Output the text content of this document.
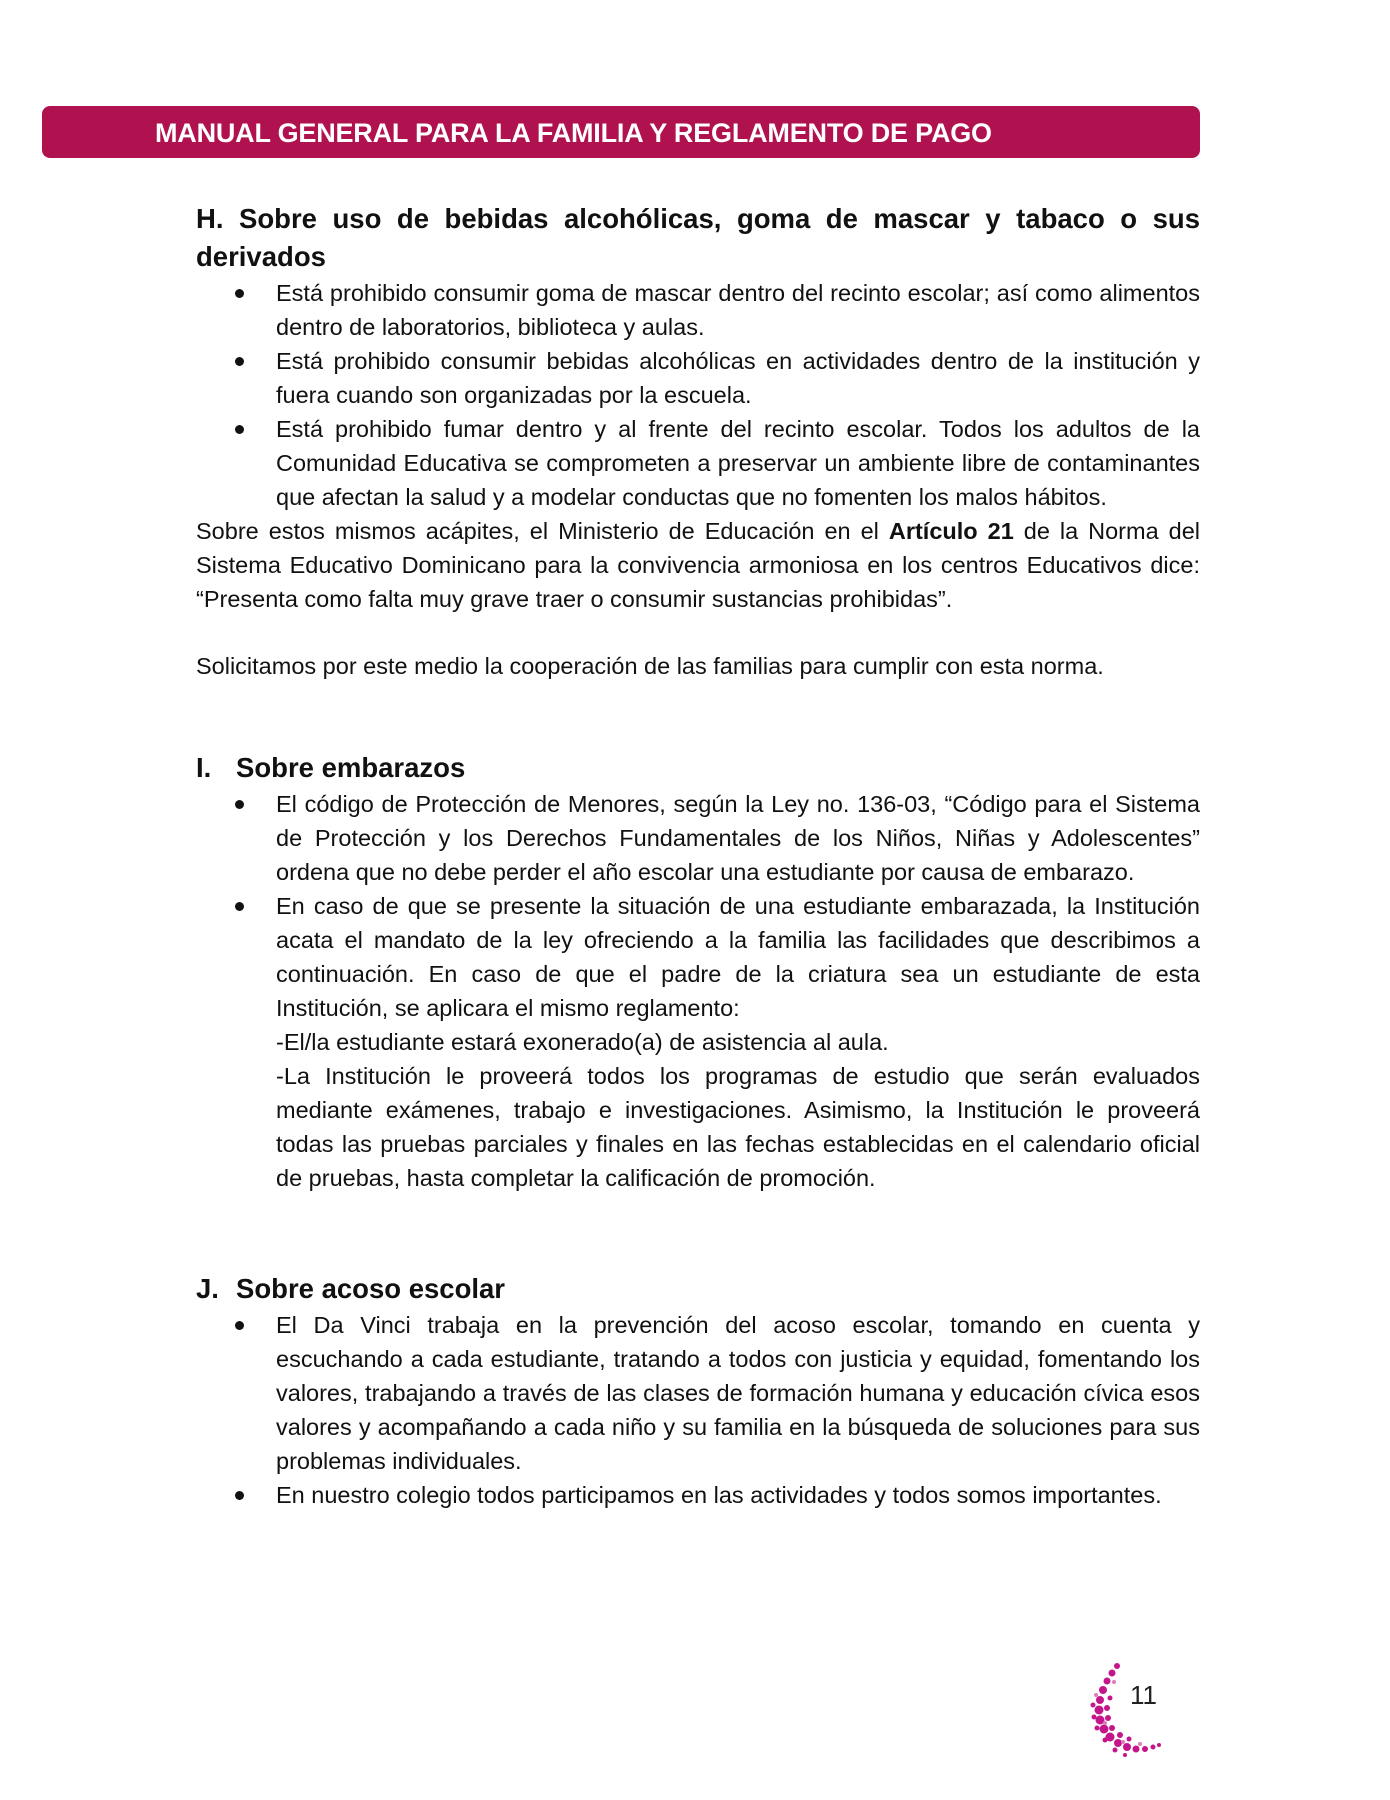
MANUAL GENERAL PARA LA FAMILIA Y REGLAMENTO DE PAGO
H. Sobre uso de bebidas alcohólicas, goma de mascar y tabaco o sus derivados
Está prohibido consumir goma de mascar dentro del recinto escolar; así como alimentos dentro de laboratorios, biblioteca y aulas.
Está prohibido consumir bebidas alcohólicas en actividades dentro de la institución y fuera cuando son organizadas por la escuela.
Está prohibido fumar dentro y al frente del recinto escolar. Todos los adultos de la Comunidad Educativa se comprometen a preservar un ambiente libre de contaminantes que afectan la salud y a modelar conductas que no fomenten los malos hábitos.

Sobre estos mismos acápites, el Ministerio de Educación en el Artículo 21 de la Norma del Sistema Educativo Dominicano para la convivencia armoniosa en los centros Educativos dice: “Presenta como falta muy grave traer o consumir sustancias prohibidas”.

Solicitamos por este medio la cooperación de las familias para cumplir con esta norma.

I. Sobre embarazos
El código de Protección de Menores, según la Ley no. 136-03, “Código para el Sistema de Protección y los Derechos Fundamentales de los Niños, Niñas y Adolescentes” ordena que no debe perder el año escolar una estudiante por causa de embarazo.
En caso de que se presente la situación de una estudiante embarazada, la Institución acata el mandato de la ley ofreciendo a la familia las facilidades que describimos a continuación. En caso de que el padre de la criatura sea un estudiante de esta Institución, se aplicara el mismo reglamento:
-El/la estudiante estará exonerado(a) de asistencia al aula.
-La Institución le proveerá todos los programas de estudio que serán evaluados mediante exámenes, trabajo e investigaciones. Asimismo, la Institución le proveerá todas las pruebas parciales y finales en las fechas establecidas en el calendario oficial de pruebas, hasta completar la calificación de promoción.
J. Sobre acoso escolar
El Da Vinci trabaja en la prevención del acoso escolar, tomando en cuenta y escuchando a cada estudiante, tratando a todos con justicia y equidad, fomentando los valores, trabajando a través de las clases de formación humana y educación cívica esos valores y acompañando a cada niño y su familia en la búsqueda de soluciones para sus problemas individuales.
En nuestro colegio todos participamos en las actividades y todos somos importantes.
11
